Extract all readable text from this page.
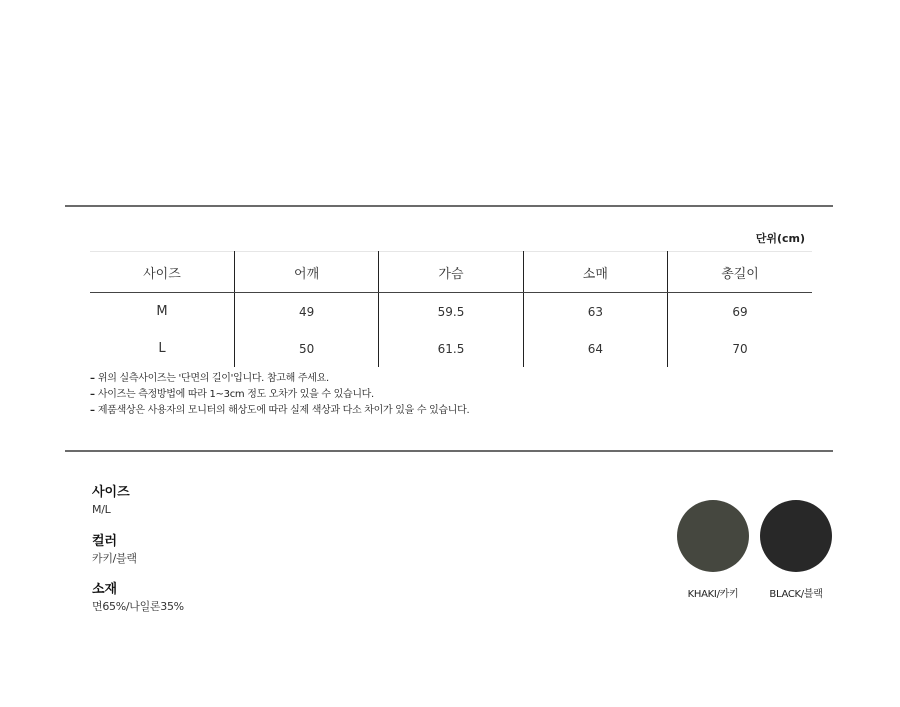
단위(cm)
사이즈	어깨	가슴	소매	총길이
M	49	59.5	63	69
L	50	61.5	64	70
– 위의 실측사이즈는 '단면의 길이'입니다. 참고해 주세요.
– 사이즈는 측정방법에 따라 1~3cm 정도 오차가 있을 수 있습니다.
– 제품색상은 사용자의 모니터의 해상도에 따라 실제 색상과 다소 차이가 있을 수 있습니다.
사이즈
M/L
컬러
카키/블랙
소재
면65%/나일론35%
KHAKI/카키	BLACK/블랙
